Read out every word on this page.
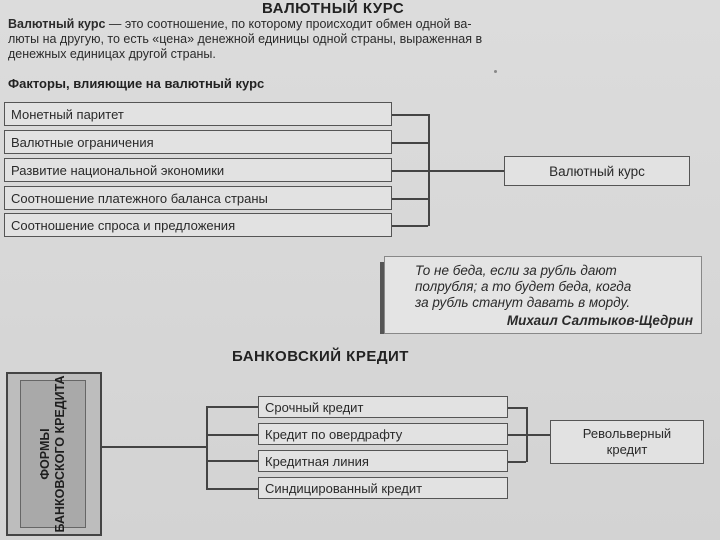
ВАЛЮТНЫЙ КУРС
Валютный курс — это соотношение, по которому происходит обмен одной ва-
люты на другую, то есть «цена» денежной единицы одной страны, выраженная в
денежных единицах другой страны.
Факторы, влияющие на валютный курс
Монетный паритет
Валютные ограничения
Развитие национальной экономики
Соотношение платежного баланса страны
Соотношение спроса и предложения
Валютный курс
То не беда, если за рубль дают
полрубля; а то будет беда, когда
за рубль станут давать в морду.
Михаил Салтыков-Щедрин
БАНКОВСКИЙ КРЕДИТ
ФОРМЫ БАНКОВСКОГО КРЕДИТА	Срочный кредит
Кредит по овердрафту
Кредитная линия
Синдицированный кредит
Револьверный
кредит
